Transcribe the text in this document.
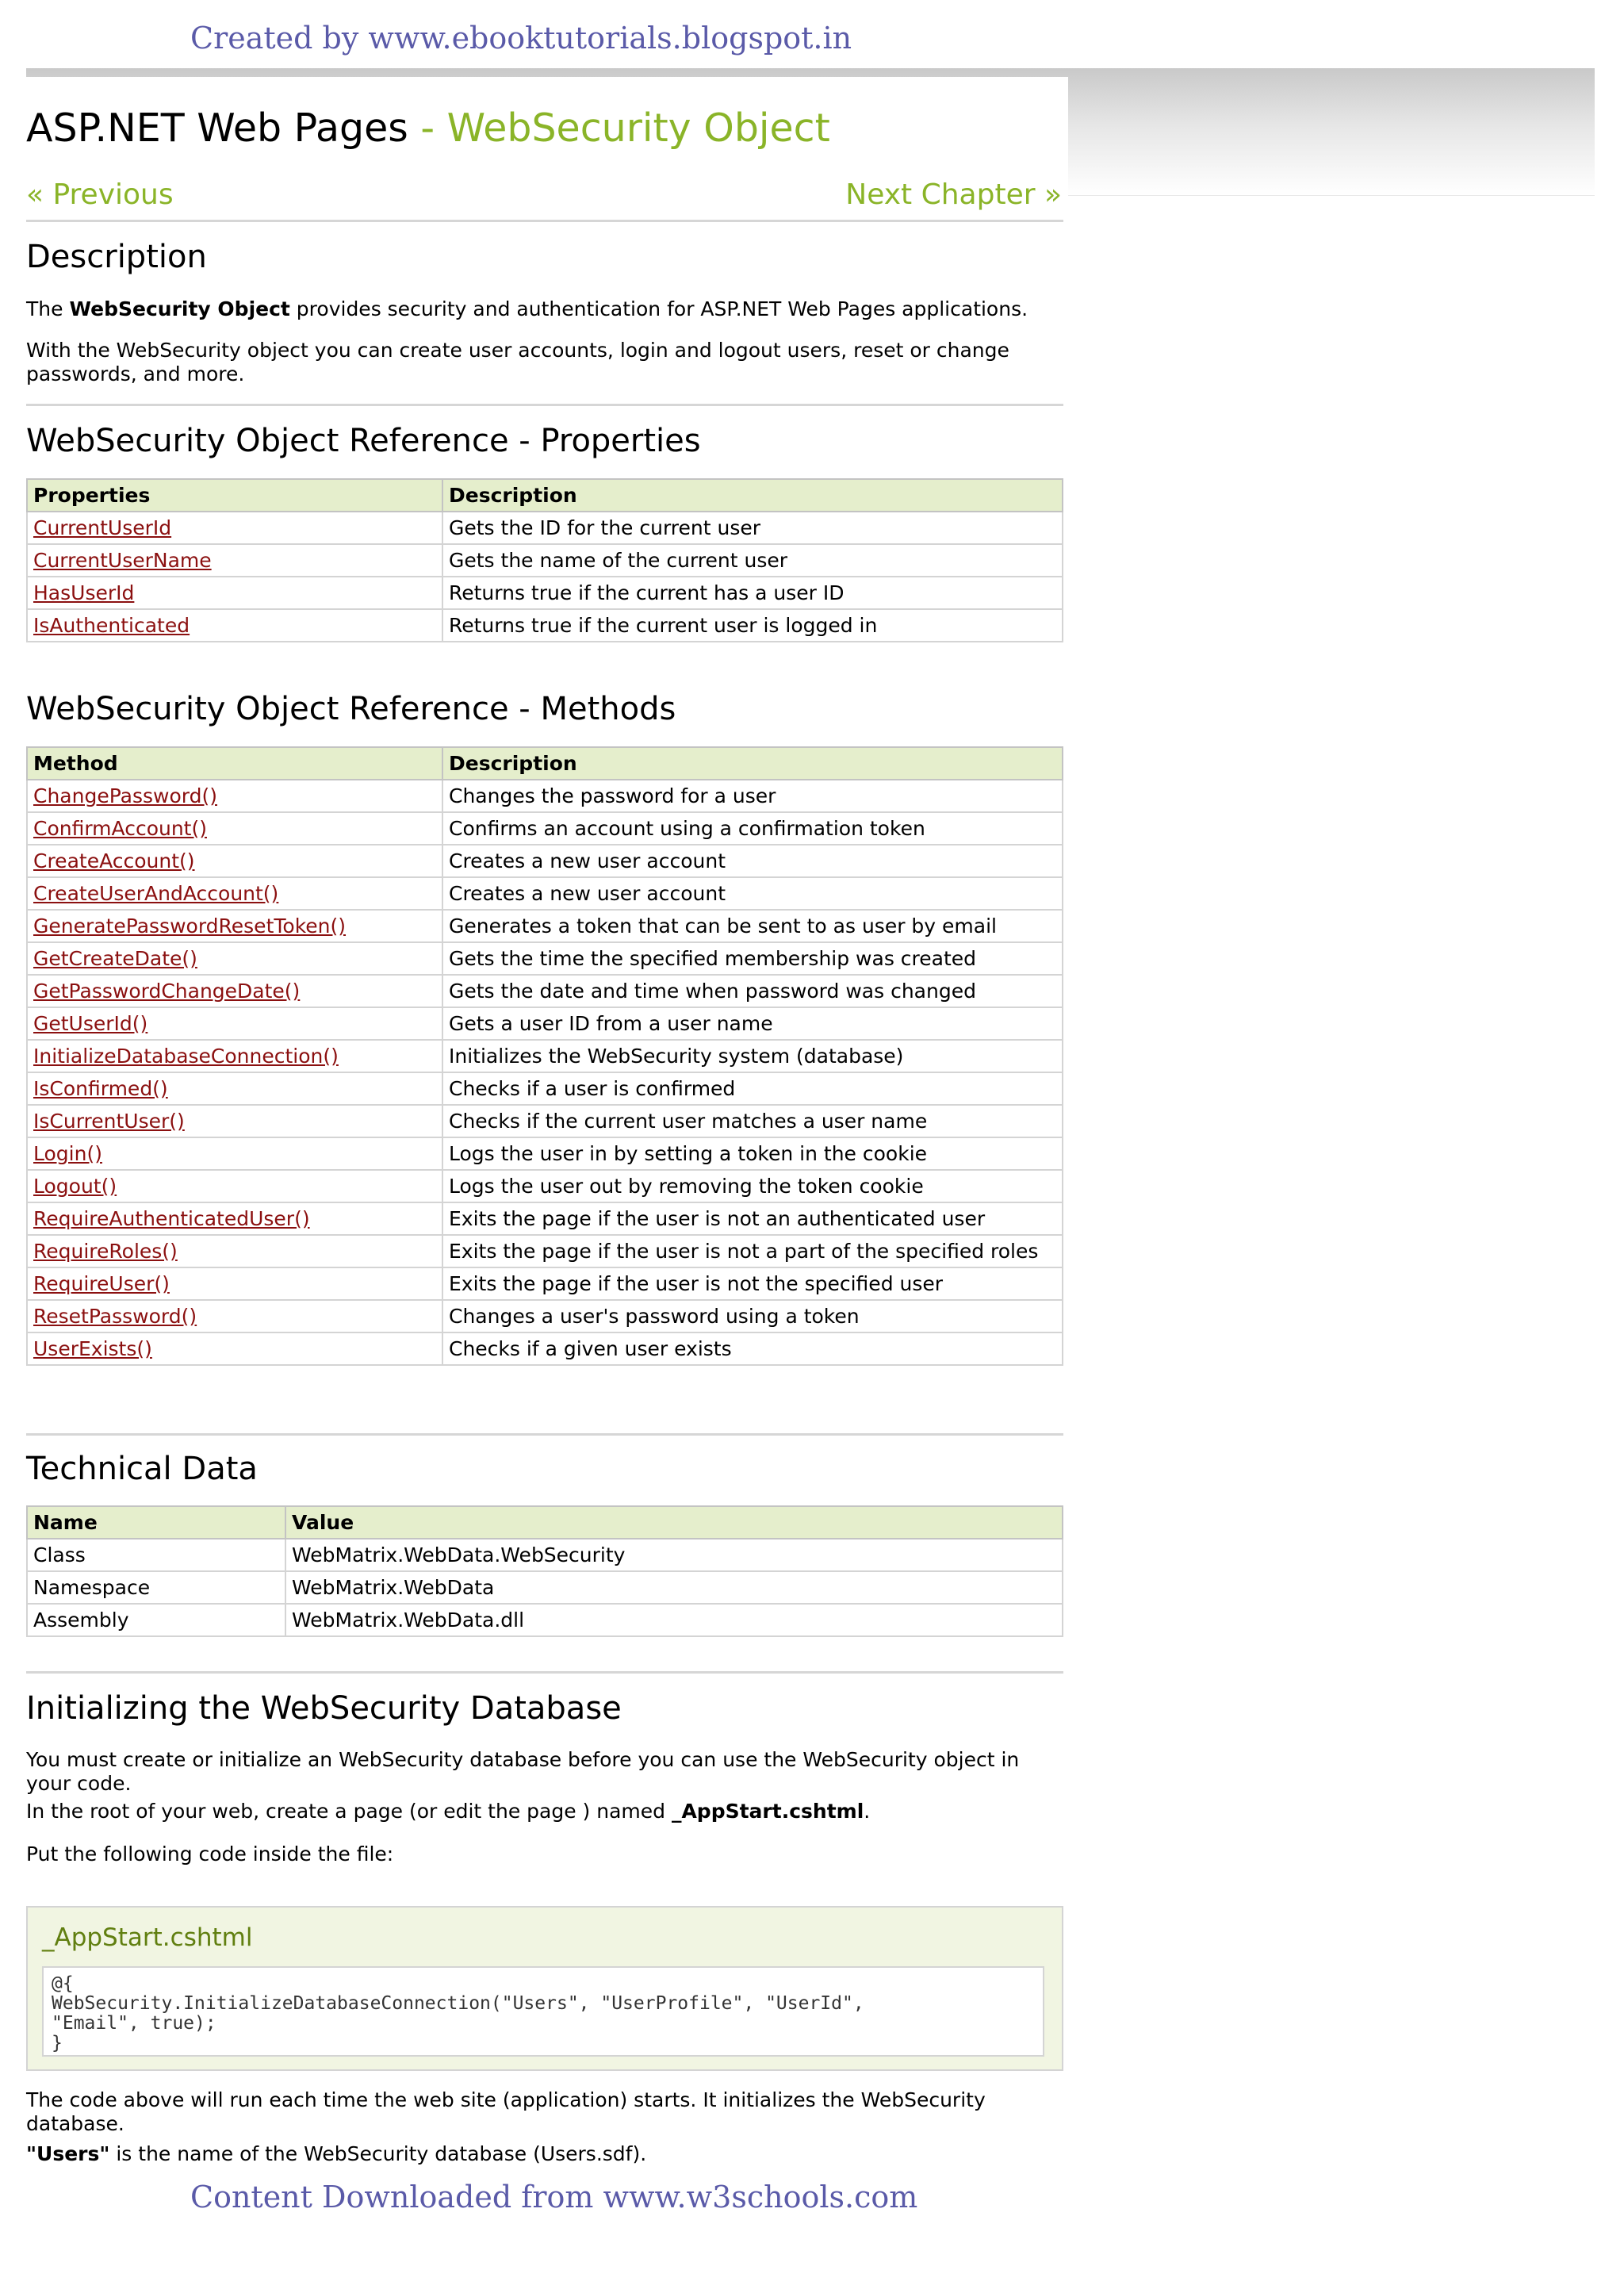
Created by www.ebooktutorials.blogspot.in
ASP.NET Web Pages - WebSecurity Object
« Previous	Next Chapter »
Description

The WebSecurity Object provides security and authentication for ASP.NET Web Pages applications.

With the WebSecurity object you can create user accounts, login and logout users, reset or change passwords, and more.

WebSecurity Object Reference - Properties
Properties	Description
CurrentUserId	Gets the ID for the current user
CurrentUserName	Gets the name of the current user
HasUserId	Returns true if the current has a user ID
IsAuthenticated	Returns true if the current user is logged in
WebSecurity Object Reference - Methods
Method	Description
ChangePassword()	Changes the password for a user
ConfirmAccount()	Confirms an account using a confirmation token
CreateAccount()	Creates a new user account
CreateUserAndAccount()	Creates a new user account
GeneratePasswordResetToken()	Generates a token that can be sent to as user by email
GetCreateDate()	Gets the time the specified membership was created
GetPasswordChangeDate()	Gets the date and time when password was changed
GetUserId()	Gets a user ID from a user name
InitializeDatabaseConnection()	Initializes the WebSecurity system (database)
IsConfirmed()	Checks if a user is confirmed
IsCurrentUser()	Checks if the current user matches a user name
Login()	Logs the user in by setting a token in the cookie
Logout()	Logs the user out by removing the token cookie
RequireAuthenticatedUser()	Exits the page if the user is not an authenticated user
RequireRoles()	Exits the page if the user is not a part of the specified roles
RequireUser()	Exits the page if the user is not the specified user
ResetPassword()	Changes a user's password using a token
UserExists()	Checks if a given user exists
Technical Data
Name	Value
Class	WebMatrix.WebData.WebSecurity
Namespace	WebMatrix.WebData
Assembly	WebMatrix.WebData.dll
Initializing the WebSecurity Database

You must create or initialize an WebSecurity database before you can use the WebSecurity object in your code.

In the root of your web, create a page (or edit the page ) named _AppStart.cshtml.

Put the following code inside the file:

_AppStart.cshtml
@{
WebSecurity.InitializeDatabaseConnection("Users", "UserProfile", "UserId",
"Email", true);
}

The code above will run each time the web site (application) starts. It initializes the WebSecurity database.

"Users" is the name of the WebSecurity database (Users.sdf).

Content Downloaded from www.w3schools.com
